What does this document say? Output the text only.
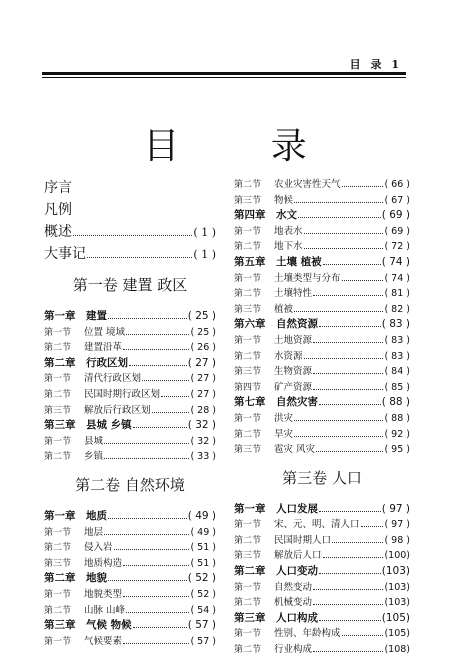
目 录 1
目 录
序言
凡例
概述	( 1 )
大事记	( 1 )
第一卷 建置 政区
第一章	建置	( 25 )
第一节	位置 境域	( 25 )
第二节	建置沿革	( 26 )
第二章	行政区划	( 27 )
第一节	清代行政区划	( 27 )
第二节	民国时期行政区划	( 27 )
第三节	解放后行政区划	( 28 )
第三章	县城 乡镇	( 32 )
第一节	县城	( 32 )
第二节	乡镇	( 33 )
第二卷 自然环境
第一章	地质	( 49 )
第一节	地层	( 49 )
第二节	侵入岩	( 51 )
第三节	地质构造	( 51 )
第二章	地貌	( 52 )
第一节	地貌类型	( 52 )
第二节	山脉 山峰	( 54 )
第三章	气候 物候	( 57 )
第一节	气候要素	( 57 )
第二节	农业灾害性天气	( 66 )
第三节	物候	( 67 )
第四章	水文	( 69 )
第一节	地表水	( 69 )
第二节	地下水	( 72 )
第五章	土壤 植被	( 74 )
第一节	土壤类型与分布	( 74 )
第二节	土壤特性	( 81 )
第三节	植被	( 82 )
第六章	自然资源	( 83 )
第一节	土地资源	( 83 )
第二节	水资源	( 83 )
第三节	生物资源	( 84 )
第四节	矿产资源	( 85 )
第七章	自然灾害	( 88 )
第一节	洪灾	( 88 )
第二节	旱灾	( 92 )
第三节	雹灾 风灾	( 95 )
第三卷 人口
第一章	人口发展	( 97 )
第一节	宋、元、明、清人口	( 97 )
第二节	民国时期人口	( 98 )
第三节	解放后人口	(100)
第二章	人口变动	(103)
第一节	自然变动	(103)
第二节	机械变动	(103)
第三章	人口构成	(105)
第一节	性别、年龄构成	(105)
第二节	行业构成	(108)
